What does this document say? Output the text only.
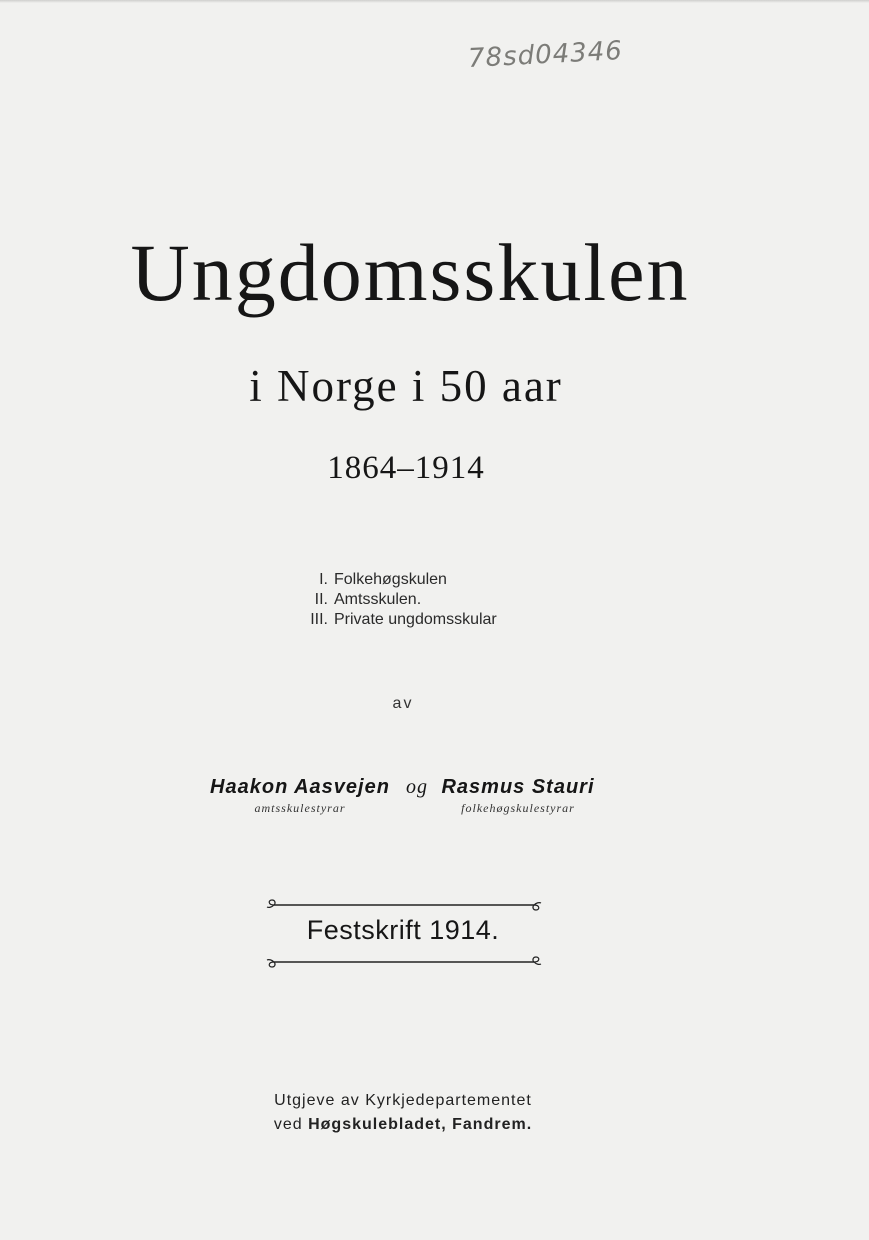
78sd04346
Ungdomsskulen
i Norge i 50 aar
1864–1914
I. Folkehøgskulen
II. Amtsskulen.
III. Private ungdomsskular
av
Haakon Aasvejen
amtsskulestyrar
og Rasmus Stauri
folkehøgskulestyrar
Festskrift 1914.
Utgjeve av Kyrkjedepartementet
ved Høgskulebladet, Fandrem.
